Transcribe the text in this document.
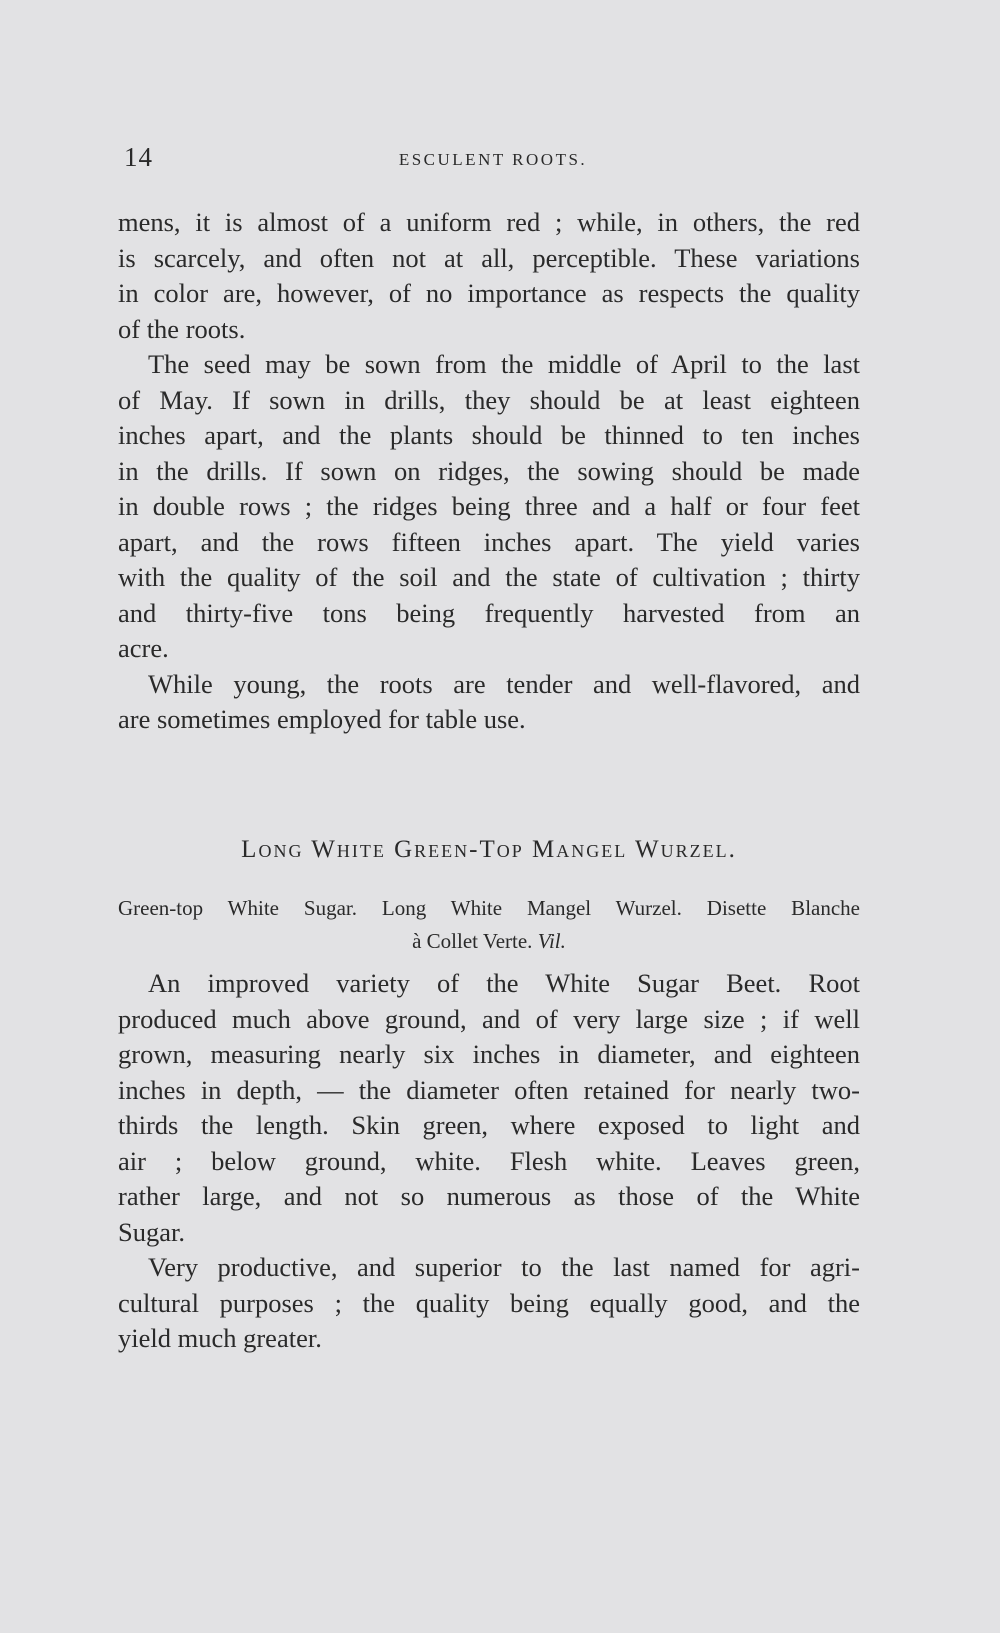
14	ESCULENT ROOTS.
mens, it is almost of a uniform red ; while, in others, the red
is scarcely, and often not at all, perceptible. These variations
in color are, however, of no importance as respects the quality
of the roots.
The seed may be sown from the middle of April to the last
of May. If sown in drills, they should be at least eighteen
inches apart, and the plants should be thinned to ten inches
in the drills. If sown on ridges, the sowing should be made
in double rows ; the ridges being three and a half or four feet
apart, and the rows fifteen inches apart. The yield varies
with the quality of the soil and the state of cultivation ; thirty
and thirty-five tons being frequently harvested from an
acre.
While young, the roots are tender and well-flavored, and
are sometimes employed for table use.
Long White Green-Top Mangel Wurzel.
Green-top White Sugar. Long White Mangel Wurzel. Disette Blanche
à Collet Verte. Vil.
An improved variety of the White Sugar Beet. Root
produced much above ground, and of very large size ; if well
grown, measuring nearly six inches in diameter, and eighteen
inches in depth, — the diameter often retained for nearly two-
thirds the length. Skin green, where exposed to light and
air ; below ground, white. Flesh white. Leaves green,
rather large, and not so numerous as those of the White
Sugar.
Very productive, and superior to the last named for agri-
cultural purposes ; the quality being equally good, and the
yield much greater.
